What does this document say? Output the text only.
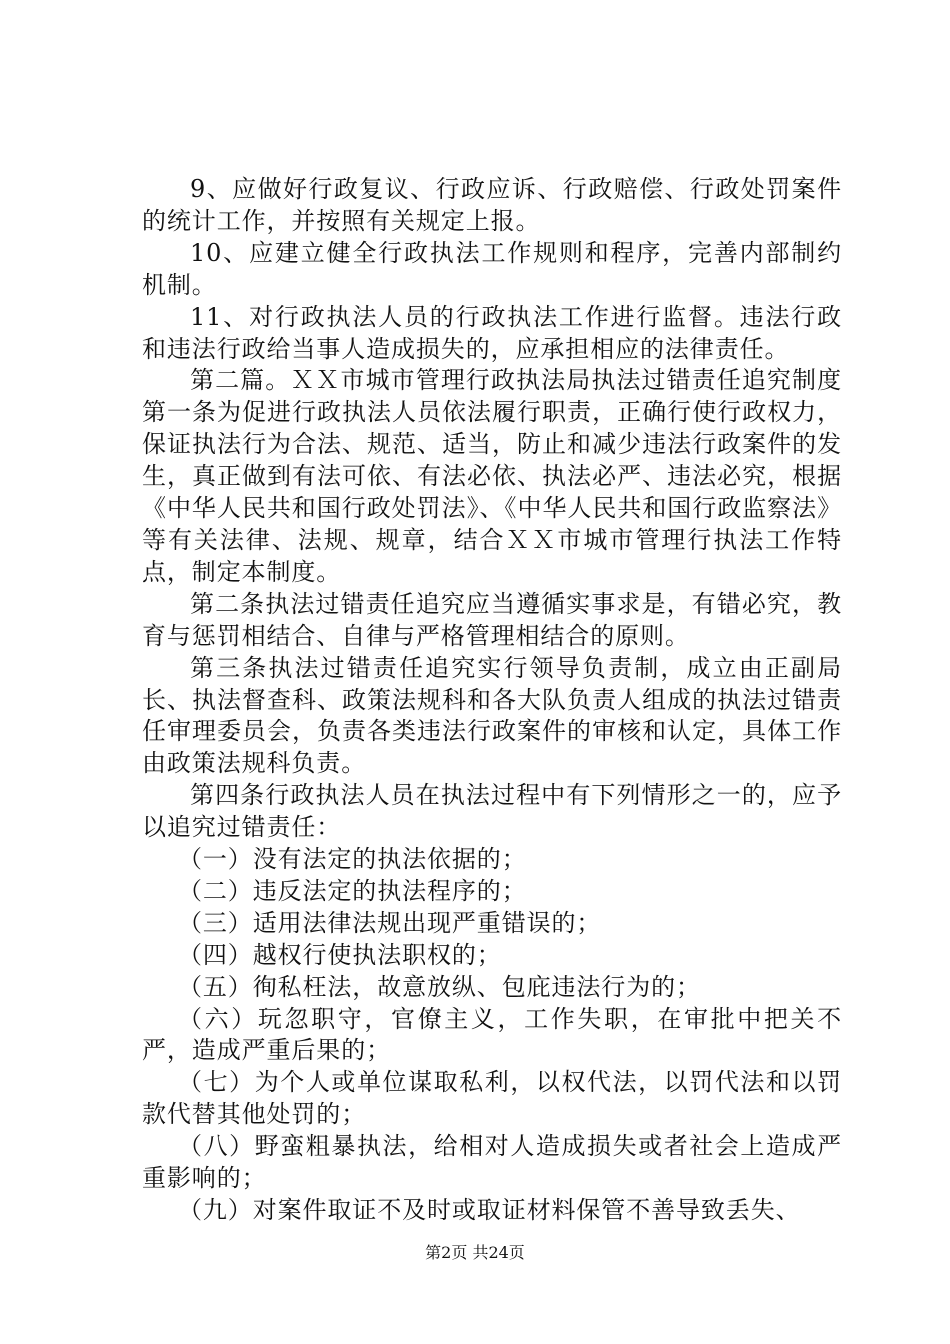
9、应做好行政复议、行政应诉、行政赔偿、行政处罚案件的统计工作，并按照有关规定上报。

10、应建立健全行政执法工作规则和程序，完善内部制约机制。

11、对行政执法人员的行政执法工作进行监督。违法行政和违法行政给当事人造成损失的，应承担相应的法律责任。

第二篇。ＸＸ市城市管理行政执法局执法过错责任追究制度第一条为促进行政执法人员依法履行职责，正确行使行政权力，保证执法行为合法、规范、适当，防止和减少违法行政案件的发生，真正做到有法可依、有法必依、执法必严、违法必究，根据《中华人民共和国行政处罚法》、《中华人民共和国行政监察法》等有关法律、法规、规章，结合ＸＸ市城市管理行执法工作特点，制定本制度。

第二条执法过错责任追究应当遵循实事求是，有错必究，教育与惩罚相结合、自律与严格管理相结合的原则。

第三条执法过错责任追究实行领导负责制，成立由正副局长、执法督查科、政策法规科和各大队负责人组成的执法过错责任审理委员会，负责各类违法行政案件的审核和认定，具体工作由政策法规科负责。

第四条行政执法人员在执法过程中有下列情形之一的，应予以追究过错责任：

（一）没有法定的执法依据的；

（二）违反法定的执法程序的；

（三）适用法律法规出现严重错误的；

（四）越权行使执法职权的；

（五）徇私枉法，故意放纵、包庇违法行为的；

（六）玩忽职守，官僚主义，工作失职，在审批中把关不严，造成严重后果的；

（七）为个人或单位谋取私利，以权代法，以罚代法和以罚款代替其他处罚的；

（八）野蛮粗暴执法，给相对人造成损失或者社会上造成严重影响的；

（九）对案件取证不及时或取证材料保管不善导致丢失、

第2页 共24页
